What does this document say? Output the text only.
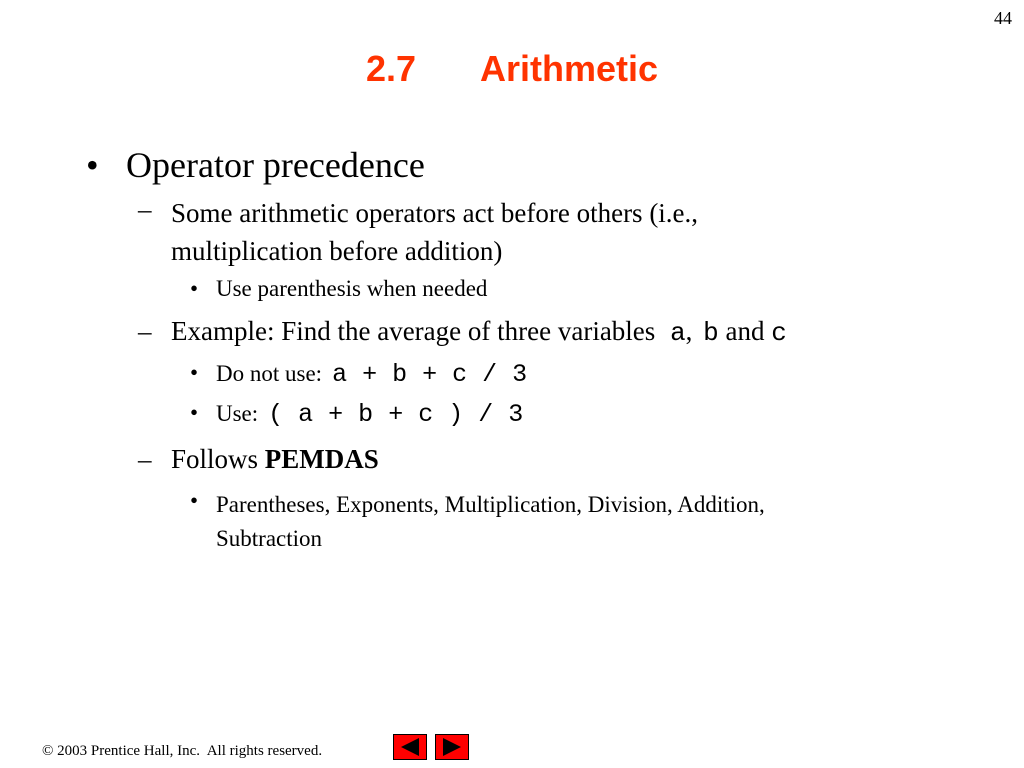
44
2.7 Arithmetic
• Operator precedence
– Some arithmetic operators act before others (i.e.,
multiplication before addition)
• Use parenthesis when needed
– Example: Find the average of three variables a, b and c
• Do not use: a + b + c / 3
• Use: ( a + b + c ) / 3
– Follows PEMDAS
• Parentheses, Exponents, Multiplication, Division, Addition,
Subtraction
© 2003 Prentice Hall, Inc.  All rights reserved.
